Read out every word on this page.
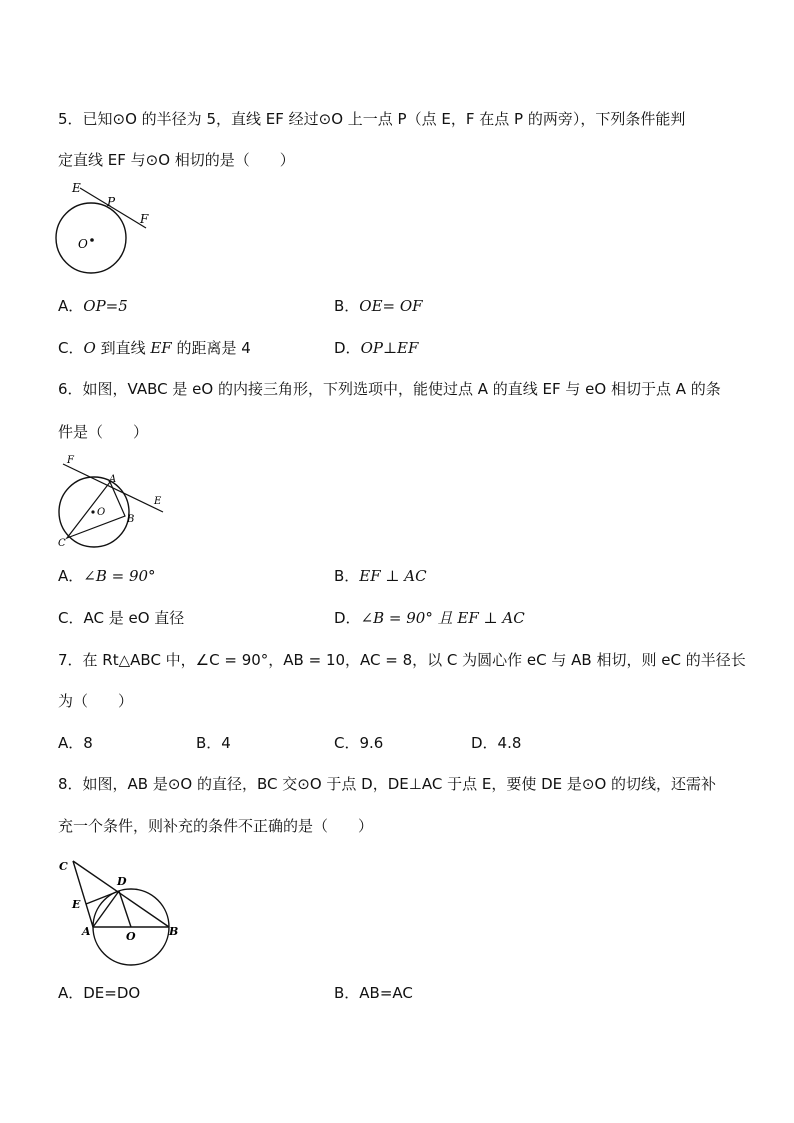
5．已知⊙O 的半径为 5，直线 EF 经过⊙O 上一点 P（点 E，F 在点 P 的两旁），下列条件能判
定直线 EF 与⊙O 相切的是（　　）
E
P
F
O
A．OP=5	B．OE= OF
C．O 到直线 EF 的距离是 4	D．OP⊥EF
6．如图，VABC 是 eO 的内接三角形，下列选项中，能使过点 A 的直线 EF 与 eO 相切于点 A 的条
件是（　　）
F
A
E
O
B
C
A．∠B = 90°	B．EF ⊥ AC
C．AC 是 eO 直径	D．∠B = 90° 且 EF ⊥ AC
7．在 Rt△ABC 中，∠C = 90°，AB = 10，AC = 8，以 C 为圆心作 eC 与 AB 相切，则 eC 的半径长
为（　　）
A．8	B．4	C．9.6	D．4.8
8．如图，AB 是⊙O 的直径，BC 交⊙O 于点 D，DE⊥AC 于点 E，要使 DE 是⊙O 的切线，还需补
充一个条件，则补充的条件不正确的是（　　）
C
D
E
A	O	B
A．DE=DO	B．AB=AC
